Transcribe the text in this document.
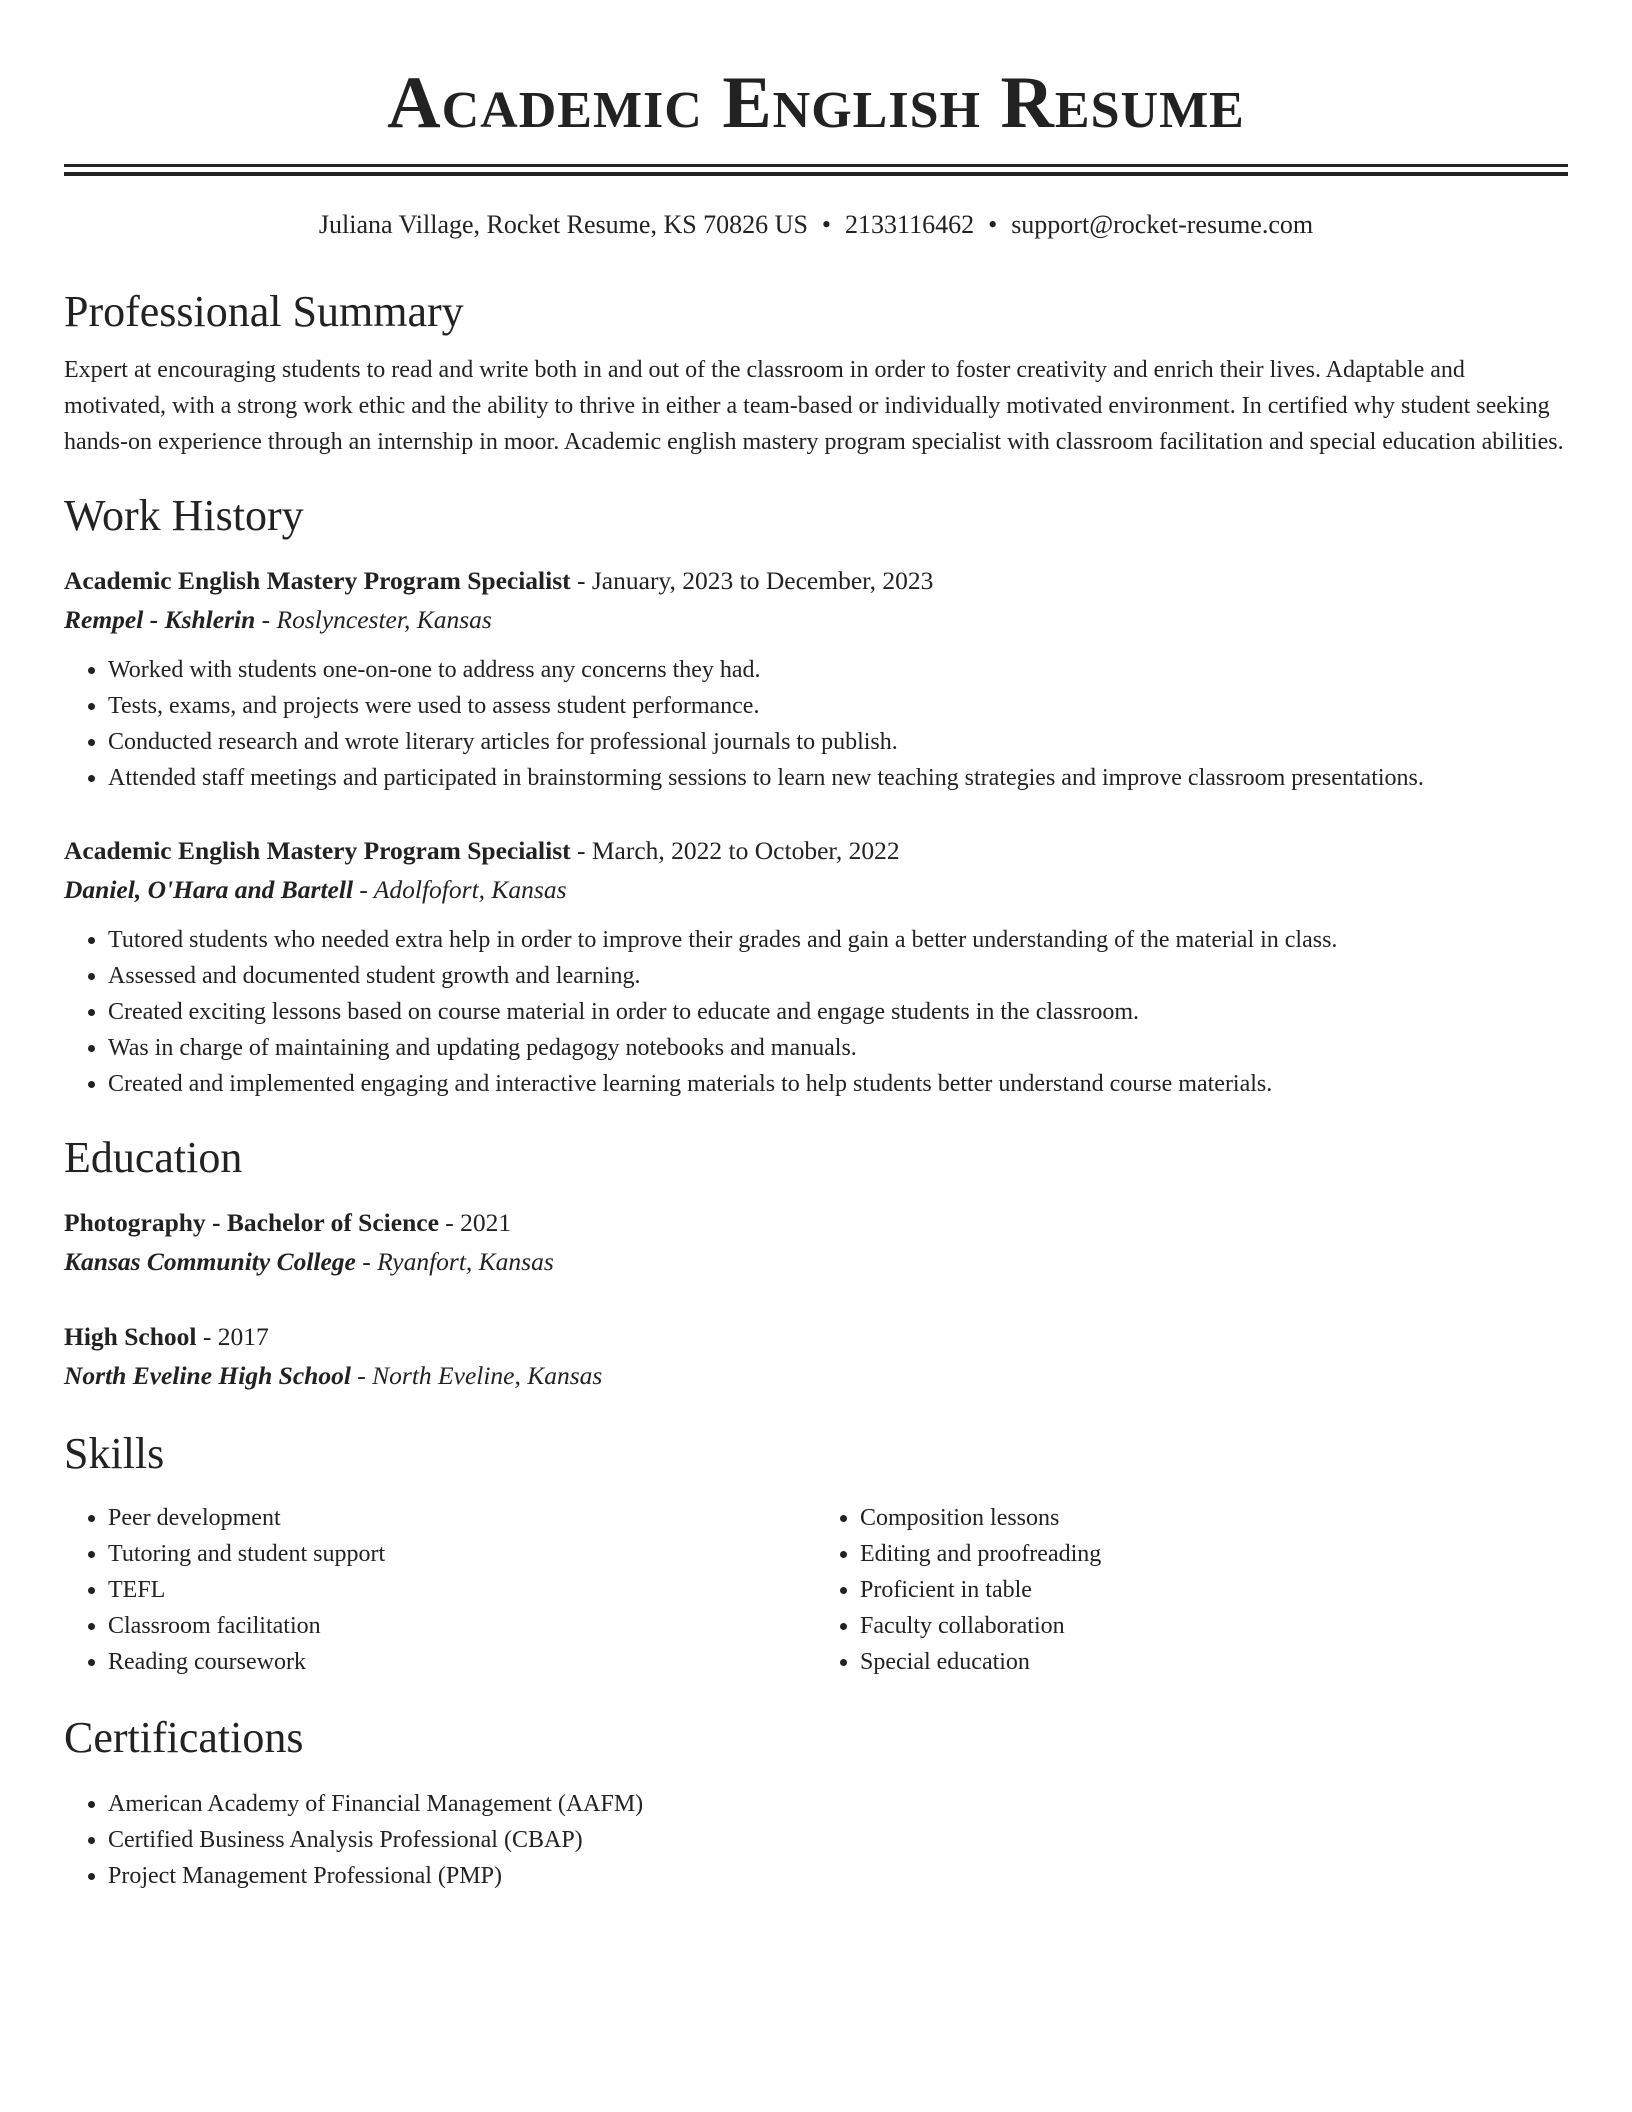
Academic English Resume
Juliana Village, Rocket Resume, KS 70826 US • 2133116462 • support@rocket-resume.com
Professional Summary

Expert at encouraging students to read and write both in and out of the classroom in order to foster creativity and enrich their lives. Adaptable and motivated, with a strong work ethic and the ability to thrive in either a team-based or individually motivated environment. In certified why student seeking hands-on experience through an internship in moor. Academic english mastery program specialist with classroom facilitation and special education abilities.

Work History
Academic English Mastery Program Specialist - January, 2023 to December, 2023
Rempel - Kshlerin - Roslyncester, Kansas
• Worked with students one-on-one to address any concerns they had.
• Tests, exams, and projects were used to assess student performance.
• Conducted research and wrote literary articles for professional journals to publish.
• Attended staff meetings and participated in brainstorming sessions to learn new teaching strategies and improve classroom presentations.
Academic English Mastery Program Specialist - March, 2022 to October, 2022
Daniel, O'Hara and Bartell - Adolfofort, Kansas
• Tutored students who needed extra help in order to improve their grades and gain a better understanding of the material in class.
• Assessed and documented student growth and learning.
• Created exciting lessons based on course material in order to educate and engage students in the classroom.
• Was in charge of maintaining and updating pedagogy notebooks and manuals.
• Created and implemented engaging and interactive learning materials to help students better understand course materials.
Education
Photography - Bachelor of Science - 2021
Kansas Community College - Ryanfort, Kansas
High School - 2017
North Eveline High School - North Eveline, Kansas
Skills
• Peer development
• Tutoring and student support
• TEFL
• Classroom facilitation
• Reading coursework
• Composition lessons
• Editing and proofreading
• Proficient in table
• Faculty collaboration
• Special education
Certifications
• American Academy of Financial Management (AAFM)
• Certified Business Analysis Professional (CBAP)
• Project Management Professional (PMP)
